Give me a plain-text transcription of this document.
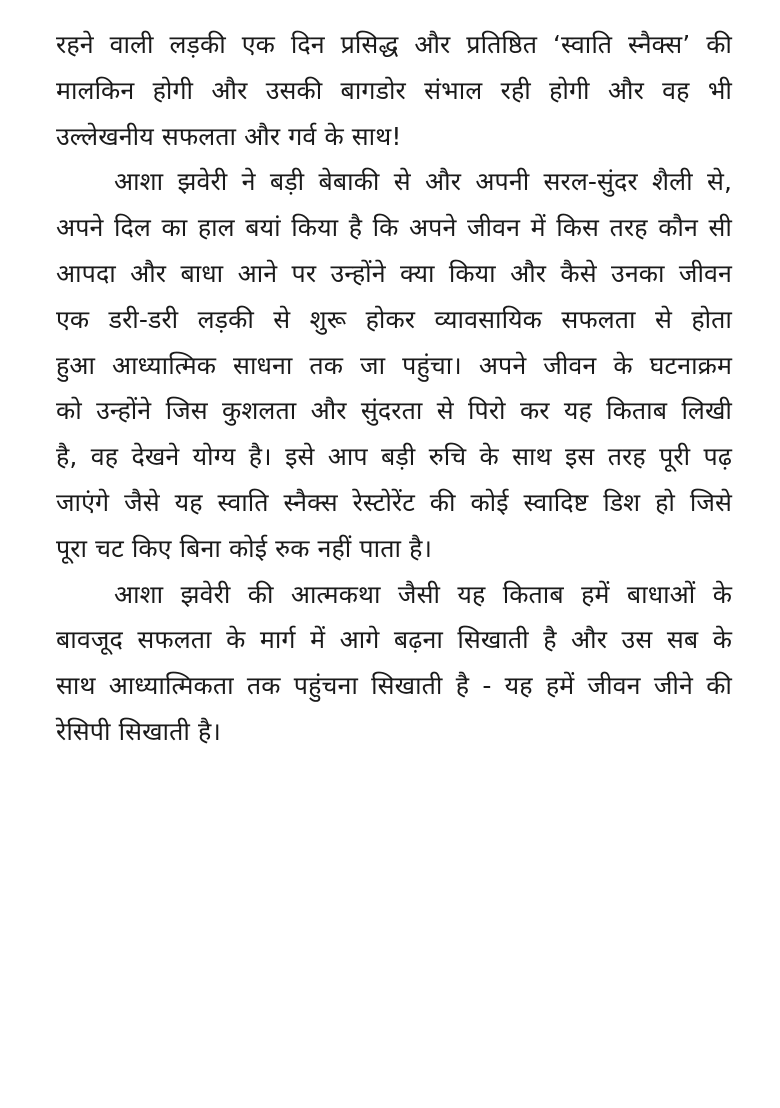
रहने वाली लड़की एक दिन प्रसिद्ध और प्रतिष्ठित ‘स्वाति स्नैक्स’ की
मालकिन होगी और उसकी बागडोर संभाल रही होगी और वह भी
उल्लेखनीय सफलता और गर्व के साथ!
आशा झवेरी ने बड़ी बेबाकी से और अपनी सरल-सुंदर शैली से,
अपने दिल का हाल बयां किया है कि अपने जीवन में किस तरह कौन सी
आपदा और बाधा आने पर उन्होंने क्या किया और कैसे उनका जीवन
एक डरी-डरी लड़की से शुरू होकर व्यावसायिक सफलता से होता
हुआ आध्यात्मिक साधना तक जा पहुंचा। अपने जीवन के घटनाक्रम
को उन्होंने जिस कुशलता और सुंदरता से पिरो कर यह किताब लिखी
है, वह देखने योग्य है। इसे आप बड़ी रुचि के साथ इस तरह पूरी पढ़
जाएंगे जैसे यह स्वाति स्नैक्स रेस्टोरेंट की कोई स्वादिष्ट डिश हो जिसे
पूरा चट किए बिना कोई रुक नहीं पाता है।
आशा झवेरी की आत्मकथा जैसी यह किताब हमें बाधाओं के
बावजूद सफलता के मार्ग में आगे बढ़ना सिखाती है और उस सब के
साथ आध्यात्मिकता तक पहुंचना सिखाती है - यह हमें जीवन जीने की
रेसिपी सिखाती है।
